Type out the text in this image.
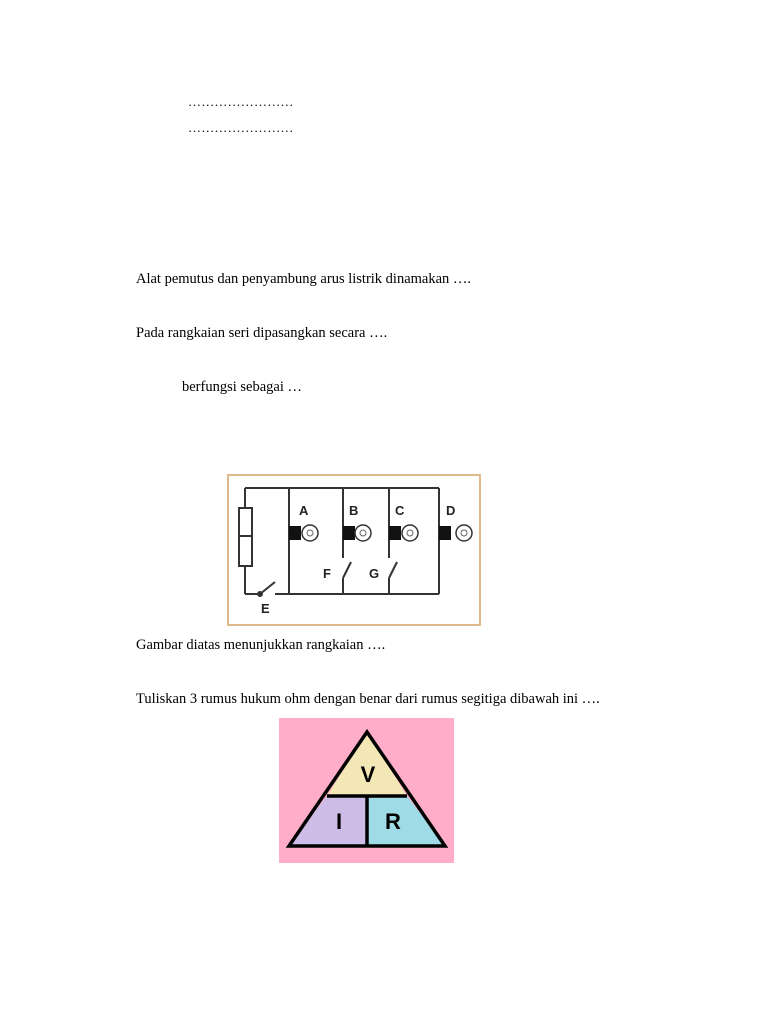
……………………
……………………
Alat pemutus dan penyambung arus listrik dinamakan ….
Pada rangkaian seri dipasangkan secara ….
berfungsi sebagai …
A	B	C	D
F	G
E
Gambar diatas menunjukkan rangkaian ….
Tuliskan 3 rumus hukum ohm dengan benar dari rumus segitiga dibawah ini ….
V
I R
